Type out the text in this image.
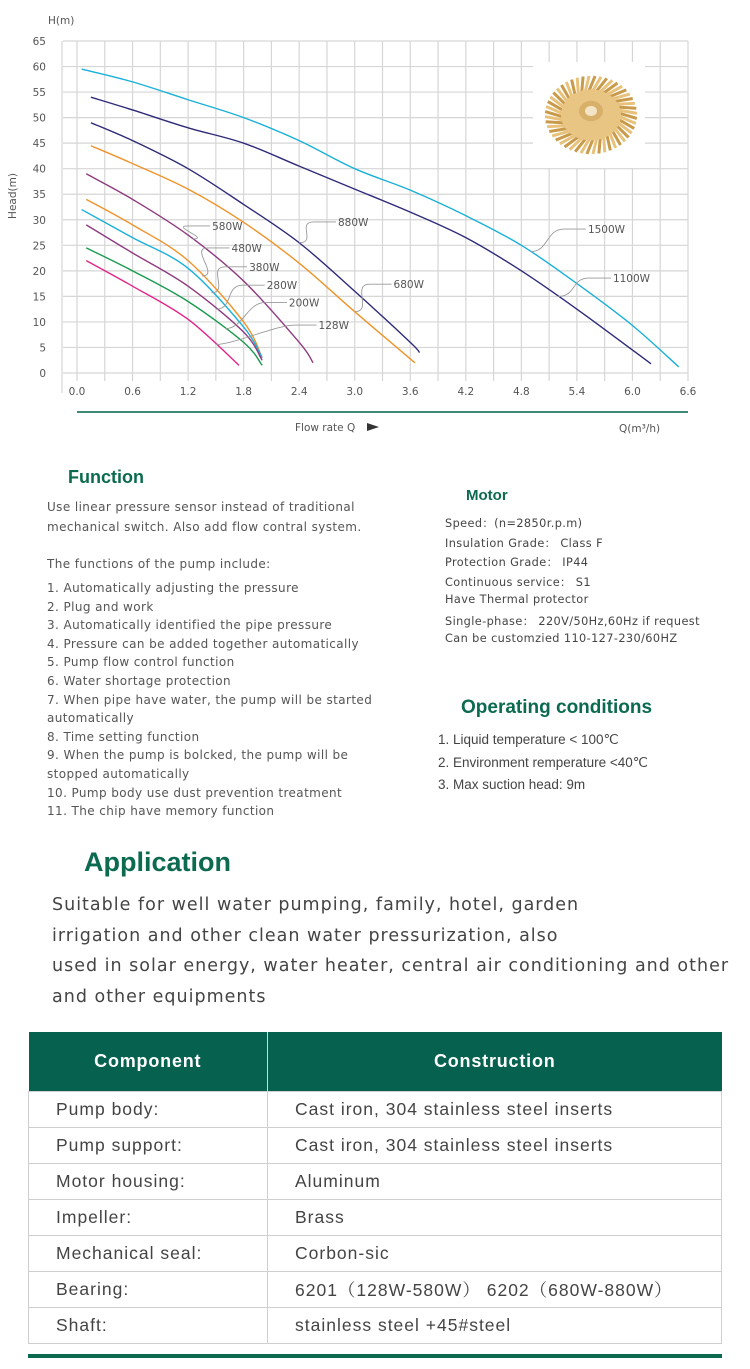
0
5
10
15
20
25
30
35
40
45
50
55
60
65
0.0	0.6	1.2	1.8	2.4	3.0	3.6	4.2	4.8	5.4	6.0	6.6
H(m)
Head(m)
Flow rate Q	Q(m³/h)
1500W
1100W
880W
680W
580W
480W
380W
280W
200W
128W
Function
Use linear pressure sensor instead of traditional
mechanical switch. Also add flow contral system.
The functions of the pump include:
Motor
Operating conditions
Application
Component	Construction
Pump body:	Cast iron, 304 stainless steel inserts
Pump support:	Cast iron, 304 stainless steel inserts
Motor housing:	Aluminum
Impeller:	Brass
Mechanical seal:	Corbon-sic
Bearing:	6201（128W-580W） 6202（680W-880W）
Shaft:	stainless steel +45#steel
1. Automatically adjusting the pressure
2. Plug and work
3. Automatically identified the pipe pressure
4. Pressure can be added together automatically
5. Pump flow control function
6. Water shortage protection
7. When pipe have water, the pump will be started
automatically
8. Time setting function
9. When the pump is bolcked, the pump will be
stopped automatically
10. Pump body use dust prevention treatment
11. The chip have memory function
Speed：(n=2850r.p.m)
Insulation Grade： Class F
Protection Grade： IP44
Continuous service： S1
Have Thermal protector
Single-phase： 220V/50Hz,60Hz if request
Can be customzied 110-127-230/60HZ
1. Liquid temperature < 100℃
2. Environment remperature <40℃
3. Max suction head: 9m
Suitable for well water pumping, family, hotel, garden
irrigation and other clean water pressurization, also
used in solar energy, water heater, central air conditioning and other
and other equipments
